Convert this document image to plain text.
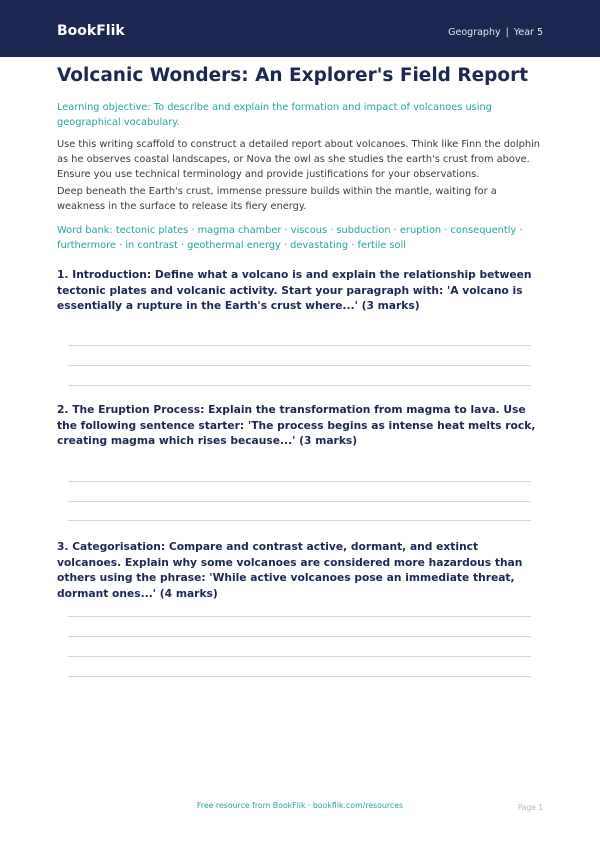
BookFlik	Geography | Year 5
Volcanic Wonders: An Explorer's Field Report

Learning objective: To describe and explain the formation and impact of volcanoes using geographical vocabulary.

Use this writing scaffold to construct a detailed report about volcanoes. Think like Finn the dolphin as he observes coastal landscapes, or Nova the owl as she studies the earth's crust from above. Ensure you use technical terminology and provide justifications for your observations.

Deep beneath the Earth's crust, immense pressure builds within the mantle, waiting for a weakness in the surface to release its fiery energy.

Word bank: tectonic plates · magma chamber · viscous · subduction · eruption · consequently · furthermore · in contrast · geothermal energy · devastating · fertile soil

1. Introduction: Define what a volcano is and explain the relationship between tectonic plates and volcanic activity. Start your paragraph with: 'A volcano is essentially a rupture in the Earth's crust where...' (3 marks)

2. The Eruption Process: Explain the transformation from magma to lava. Use the following sentence starter: 'The process begins as intense heat melts rock, creating magma which rises because...' (3 marks)

3. Categorisation: Compare and contrast active, dormant, and extinct volcanoes. Explain why some volcanoes are considered more hazardous than others using the phrase: 'While active volcanoes pose an immediate threat, dormant ones...' (4 marks)

Free resource from BookFlik · bookflik.com/resources	Page 1
